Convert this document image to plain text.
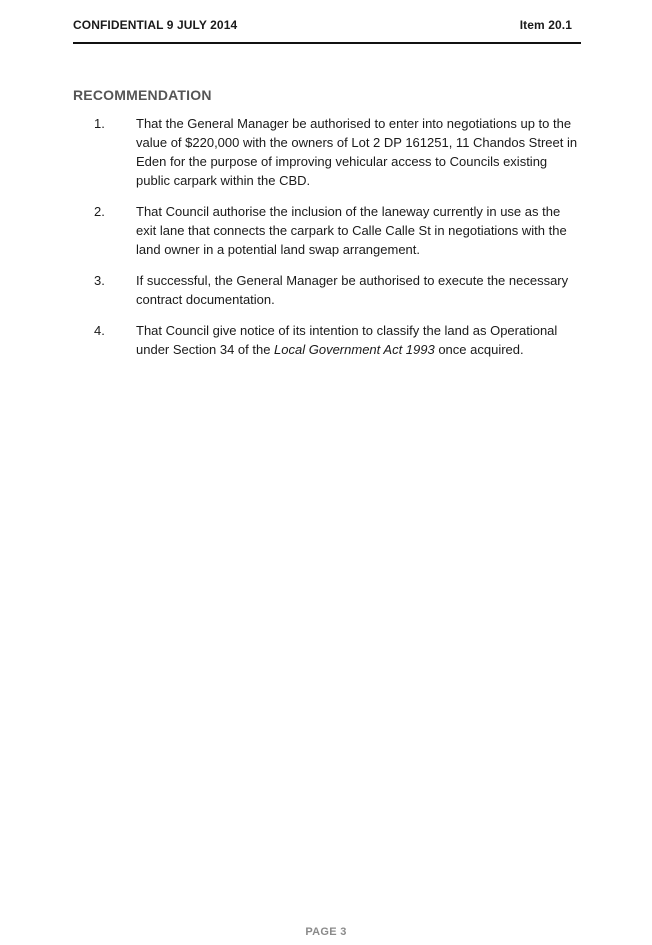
CONFIDENTIAL 9 JULY 2014	Item 20.1
RECOMMENDATION
1.	That the General Manager be authorised to enter into negotiations up to the value of $220,000 with the owners of Lot 2 DP 161251, 11 Chandos Street in Eden for the purpose of improving vehicular access to Councils existing public carpark within the CBD.
2.	That Council authorise the inclusion of the laneway currently in use as the exit lane that connects the carpark to Calle Calle St in negotiations with the land owner in a potential land swap arrangement.
3.	If successful, the General Manager be authorised to execute the necessary contract documentation.
4.	That Council give notice of its intention to classify the land as Operational under Section 34 of the Local Government Act 1993 once acquired.
PAGE 3
